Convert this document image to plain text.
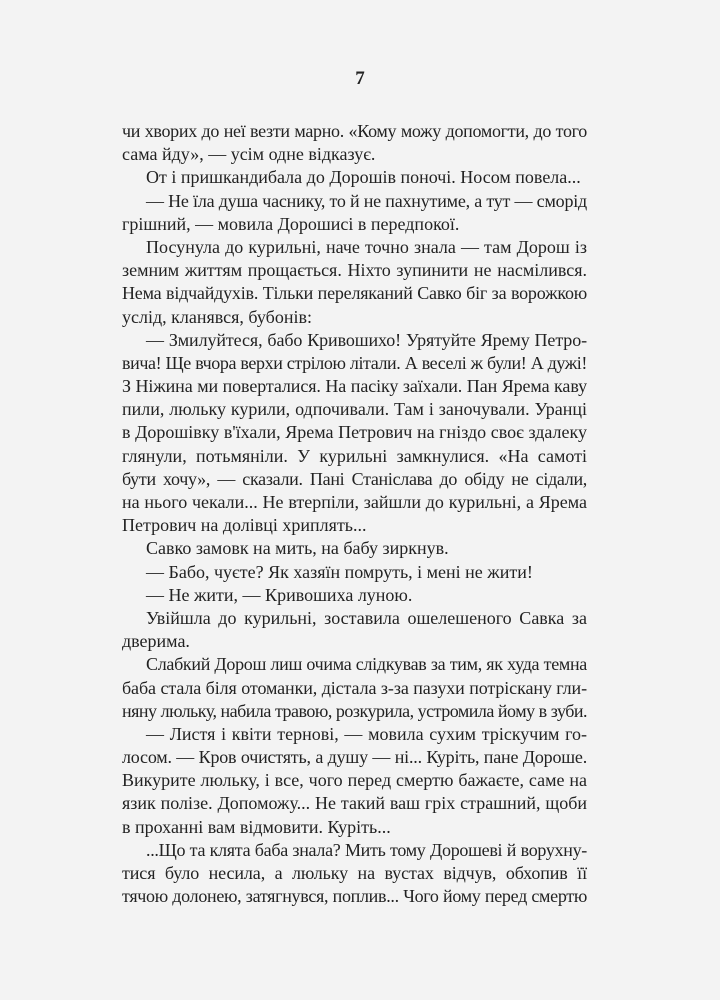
7
чи хворих до неї везти марно. «Кому можу допомогти, до того
сама йду», — усім одне відказує.
От і пришкандибала до Дорошів поночі. Носом повела...
— Не їла душа часнику, то й не пахнутиме, а тут — сморід
грішний, — мовила Дорошисі в передпокої.
Посунула до курильні, наче точно знала — там Дорош із
земним життям прощається. Ніхто зупинити не насмілився.
Нема відчайдухів. Тільки переляканий Савко біг за ворожкою
услід, кланявся, бубонів:
— Змилуйтеся, бабо Кривошихо! Урятуйте Ярему Петро-
вича! Ще вчора верхи стрілою літали. А веселі ж були! А дужі!
З Ніжина ми поверталися. На пасіку заїхали. Пан Ярема каву
пили, люльку курили, одпочивали. Там і заночували. Уранці
в Дорошівку в'їхали, Ярема Петрович на гніздо своє здалеку
глянули, потьмяніли. У курильні замкнулися. «На самоті
бути хочу», — сказали. Пані Станіслава до обіду не сідали,
на нього чекали... Не втерпіли, зайшли до курильні, а Ярема
Петрович на долівці хриплять...
Савко замовк на мить, на бабу зиркнув.
— Бабо, чуєте? Як хазяїн помруть, і мені не жити!
— Не жити, — Кривошиха луною.
Увійшла до курильні, зоставила ошелешеного Савка за
дверима.
Слабкий Дорош лиш очима слідкував за тим, як худа темна
баба стала біля отоманки, дістала з-за пазухи потріскану гли-
няну люльку, набила травою, розкурила, устромила йому в зуби.
— Листя і квіти тернові, — мовила сухим тріскучим го-
лосом. — Кров очистять, а душу — ні... Куріть, пане Дороше.
Викурите люльку, і все, чого перед смертю бажаєте, саме на
язик полізе. Допоможу... Не такий ваш гріх страшний, щоби
в проханні вам відмовити. Куріть...
...Що та клята баба знала? Мить тому Дорошеві й ворухну-
тися було несила, а люльку на вустах відчув, обхопив її
тячою долонею, затягнувся, поплив... Чого йому перед смертю
